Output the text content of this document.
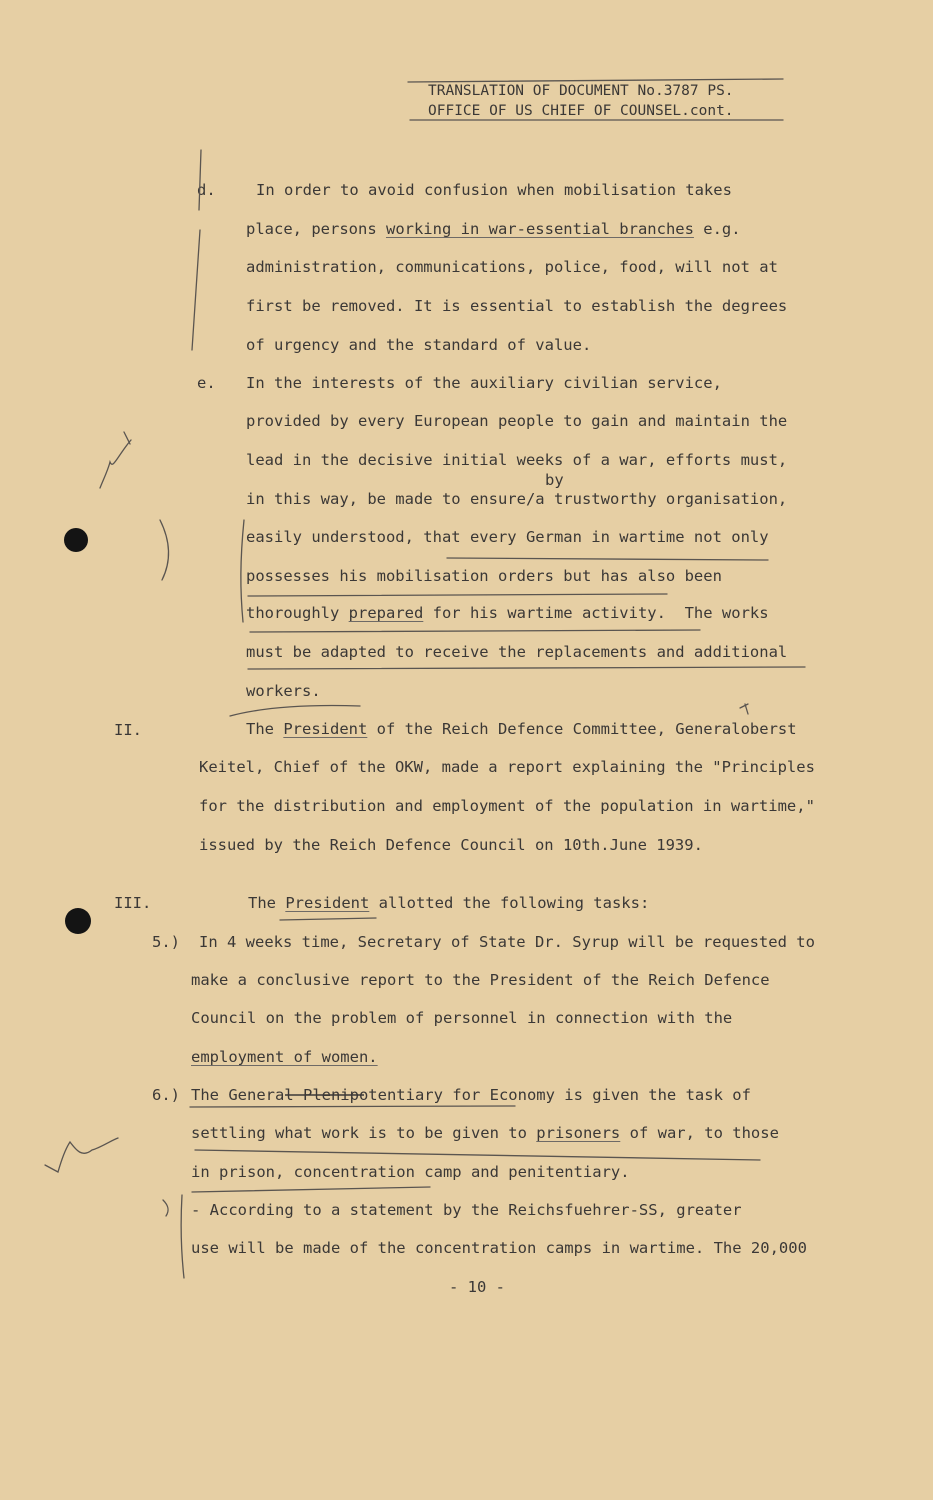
TRANSLATION OF DOCUMENT No.3787 PS.
OFFICE OF US CHIEF OF COUNSEL.cont.
d.	In order to avoid confusion when mobilisation takes
place, persons working in war-essential branches e.g.
administration, communications, police, food, will not at
first be removed. It is essential to establish the degrees
of urgency and the standard of value.
e. In the interests of the auxiliary civilian service,
provided by every European people to gain and maintain the
lead in the decisive initial weeks of a war, efforts must,
by
in this way, be made to ensure/a trustworthy organisation,
easily understood, that every German in wartime not only
possesses his mobilisation orders but has also been
thoroughly prepared for his wartime activity.  The works
must be adapted to receive the replacements and additional
workers.
II.	The President of the Reich Defence Committee, Generaloberst
Keitel, Chief of the OKW, made a report explaining the "Principles
for the distribution and employment of the population in wartime,"
issued by the Reich Defence Council on 10th.June 1939.
III.	The President allotted the following tasks:
5.) In 4 weeks time, Secretary of State Dr. Syrup will be requested to
make a conclusive report to the President of the Reich Defence
Council on the problem of personnel in connection with the
employment of women.
6.) The General Plenipotentiary for Economy is given the task of
settling what work is to be given to prisoners of war, to those
in prison, concentration camp and penitentiary.
- According to a statement by the Reichsfuehrer-SS, greater
use will be made of the concentration camps in wartime. The 20,000
- 10 -
